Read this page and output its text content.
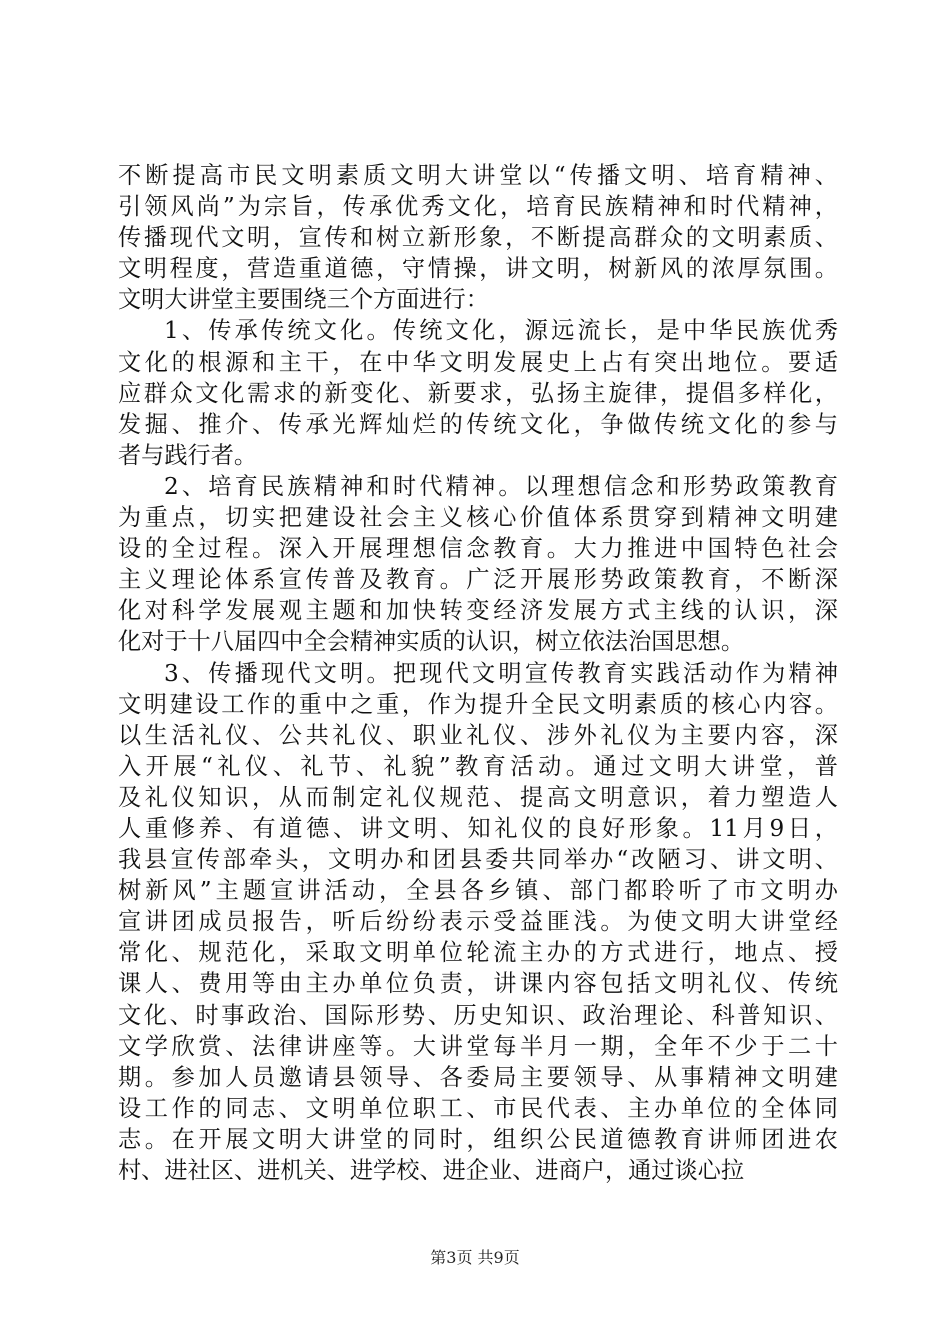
不断提高市民文明素质文明大讲堂以“传播文明、培育精神、
引领风尚”为宗旨，传承优秀文化，培育民族精神和时代精神，
传播现代文明，宣传和树立新形象，不断提高群众的文明素质、
文明程度，营造重道德，守情操，讲文明，树新风的浓厚氛围。
文明大讲堂主要围绕三个方面进行：
1、传承传统文化。传统文化，源远流长，是中华民族优秀
文化的根源和主干，在中华文明发展史上占有突出地位。要适
应群众文化需求的新变化、新要求，弘扬主旋律，提倡多样化，
发掘、推介、传承光辉灿烂的传统文化，争做传统文化的参与
者与践行者。
2、培育民族精神和时代精神。以理想信念和形势政策教育
为重点，切实把建设社会主义核心价值体系贯穿到精神文明建
设的全过程。深入开展理想信念教育。大力推进中国特色社会
主义理论体系宣传普及教育。广泛开展形势政策教育，不断深
化对科学发展观主题和加快转变经济发展方式主线的认识，深
化对于十八届四中全会精神实质的认识，树立依法治国思想。
3、传播现代文明。把现代文明宣传教育实践活动作为精神
文明建设工作的重中之重，作为提升全民文明素质的核心内容。
以生活礼仪、公共礼仪、职业礼仪、涉外礼仪为主要内容，深
入开展“礼仪、礼节、礼貌”教育活动。通过文明大讲堂，普
及礼仪知识，从而制定礼仪规范、提高文明意识，着力塑造人
人重修养、有道德、讲文明、知礼仪的良好形象。11月9日，
我县宣传部牵头，文明办和团县委共同举办“改陋习、讲文明、
树新风”主题宣讲活动，全县各乡镇、部门都聆听了市文明办
宣讲团成员报告，听后纷纷表示受益匪浅。为使文明大讲堂经
常化、规范化，采取文明单位轮流主办的方式进行，地点、授
课人、费用等由主办单位负责，讲课内容包括文明礼仪、传统
文化、时事政治、国际形势、历史知识、政治理论、科普知识、
文学欣赏、法律讲座等。大讲堂每半月一期，全年不少于二十
期。参加人员邀请县领导、各委局主要领导、从事精神文明建
设工作的同志、文明单位职工、市民代表、主办单位的全体同
志。在开展文明大讲堂的同时，组织公民道德教育讲师团进农
村、进社区、进机关、进学校、进企业、进商户，通过谈心拉
第3页 共9页
